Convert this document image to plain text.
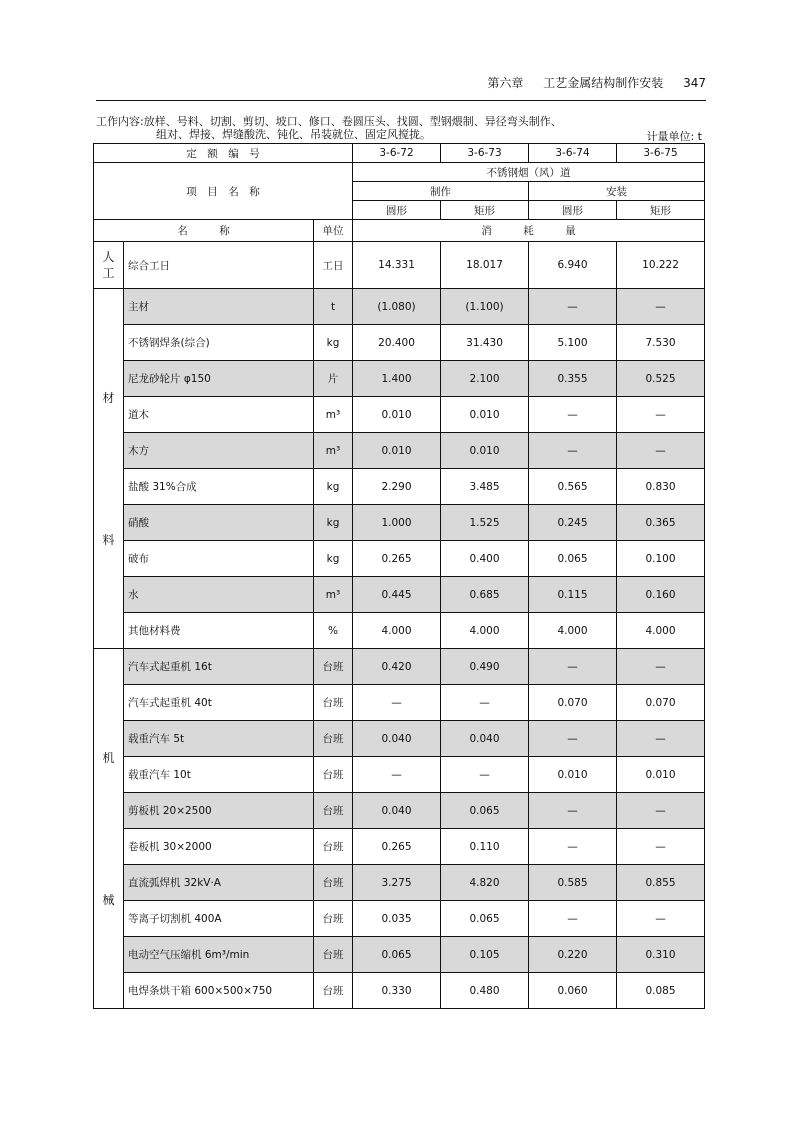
第六章 工艺金属结构制作安装 347
工作内容:放样、号料、切割、剪切、坡口、修口、卷圆压头、找圆、型钢煨制、异径弯头制作、
组对、焊接、焊缝酸洗、钝化、吊装就位、固定风搅拢。	计量单位: t
定　额　编　号			3-6-72	3-6-73	3-6-74	3-6-75
项　目　名　称			不锈钢烟（风）道			
			制作		安装	
			圆形	矩形	圆形	矩形
名　　　称		单位	消　　　耗　　　量			

人
工	综合工日	工日	14.331	18.017	6.940	10.222

材
料	主材	t	(1.080)	(1.100)	—	—
	不锈钢焊条(综合)	kg	20.400	31.430	5.100	7.530
	尼龙砂轮片 φ150	片	1.400	2.100	0.355	0.525
	道木	m³	0.010	0.010	—	—
	木方	m³	0.010	0.010	—	—
	盐酸 31%合成	kg	2.290	3.485	0.565	0.830
	硝酸	kg	1.000	1.525	0.245	0.365
	破布	kg	0.265	0.400	0.065	0.100
	水	m³	0.445	0.685	0.115	0.160
	其他材料费	%	4.000	4.000	4.000	4.000

机
械	汽车式起重机 16t	台班	0.420	0.490	—	—
	汽车式起重机 40t	台班	—	—	0.070	0.070
	载重汽车 5t	台班	0.040	0.040	—	—
	载重汽车 10t	台班	—	—	0.010	0.010
	剪板机 20×2500	台班	0.040	0.065	—	—
	卷板机 30×2000	台班	0.265	0.110	—	—
	直流弧焊机 32kV·A	台班	3.275	4.820	0.585	0.855
	等离子切割机 400A	台班	0.035	0.065	—	—
	电动空气压缩机 6m³/min	台班	0.065	0.105	0.220	0.310
	电焊条烘干箱 600×500×750	台班	0.330	0.480	0.060	0.085
